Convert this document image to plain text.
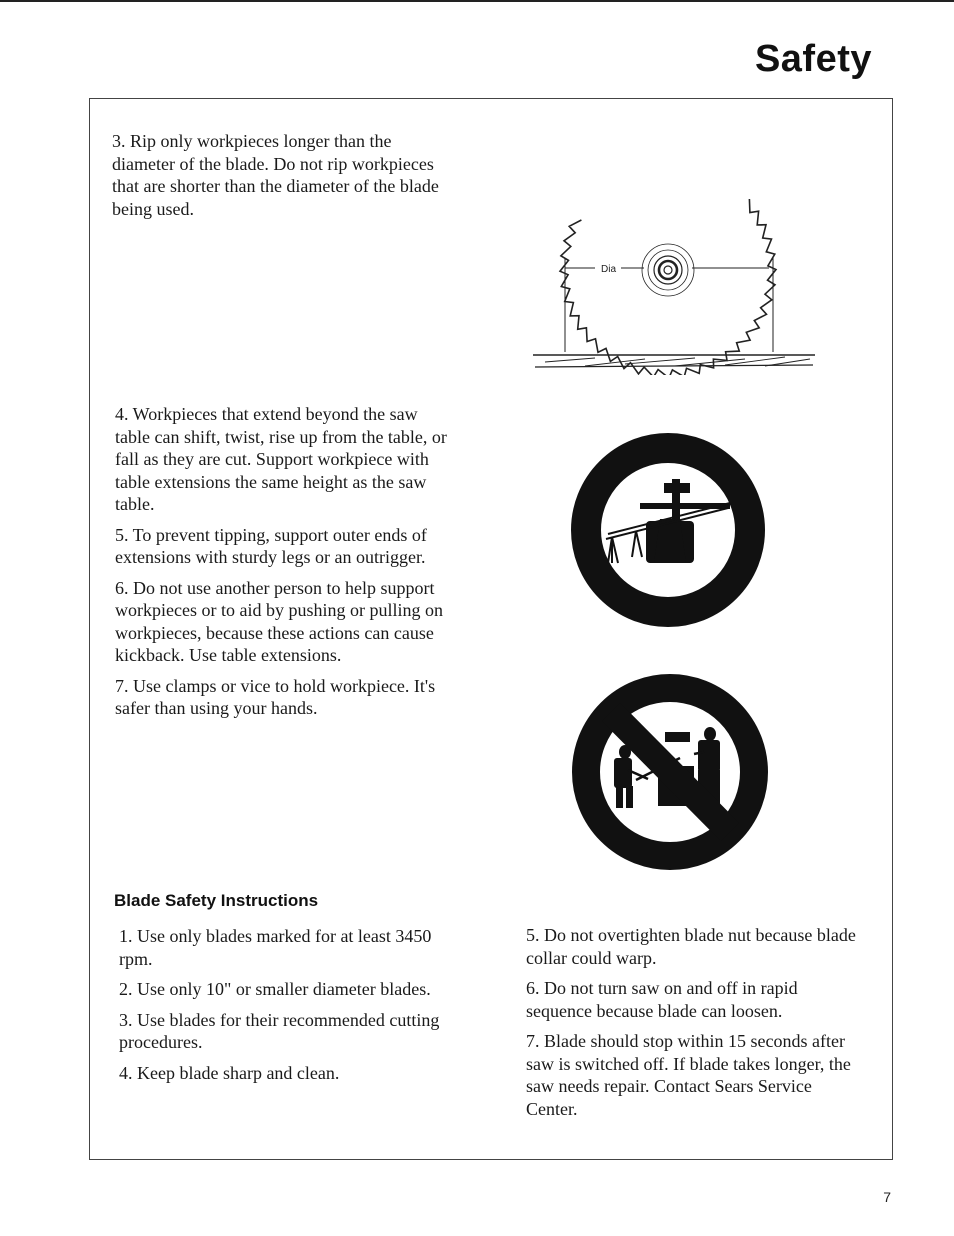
Safety

3. Rip only workpieces longer than the diameter of the blade. Do not rip workpieces that are shorter than the diameter of the blade being used.

4. Workpieces that extend beyond the saw table can shift, twist, rise up from the table, or fall as they are cut. Support workpiece with table extensions the same height as the saw table.

5. To prevent tipping, support outer ends of extensions with sturdy legs or an outrigger.

6. Do not use another person to help support workpieces or to aid by pushing or pulling on workpieces, because these actions can cause kickback. Use table extensions.

7. Use clamps or vice to hold workpiece. It's safer than using your hands.

Dia
Blade Safety Instructions

1. Use only blades marked for at least 3450 rpm.

2. Use only 10" or smaller diameter blades.

3. Use blades for their recommended cutting procedures.

4. Keep blade sharp and clean.

5. Do not overtighten blade nut because blade collar could warp.

6. Do not turn saw on and off in rapid sequence because blade can loosen.

7. Blade should stop within 15 seconds after saw is switched off. If blade takes longer, the saw needs repair. Contact Sears Service Center.

7
